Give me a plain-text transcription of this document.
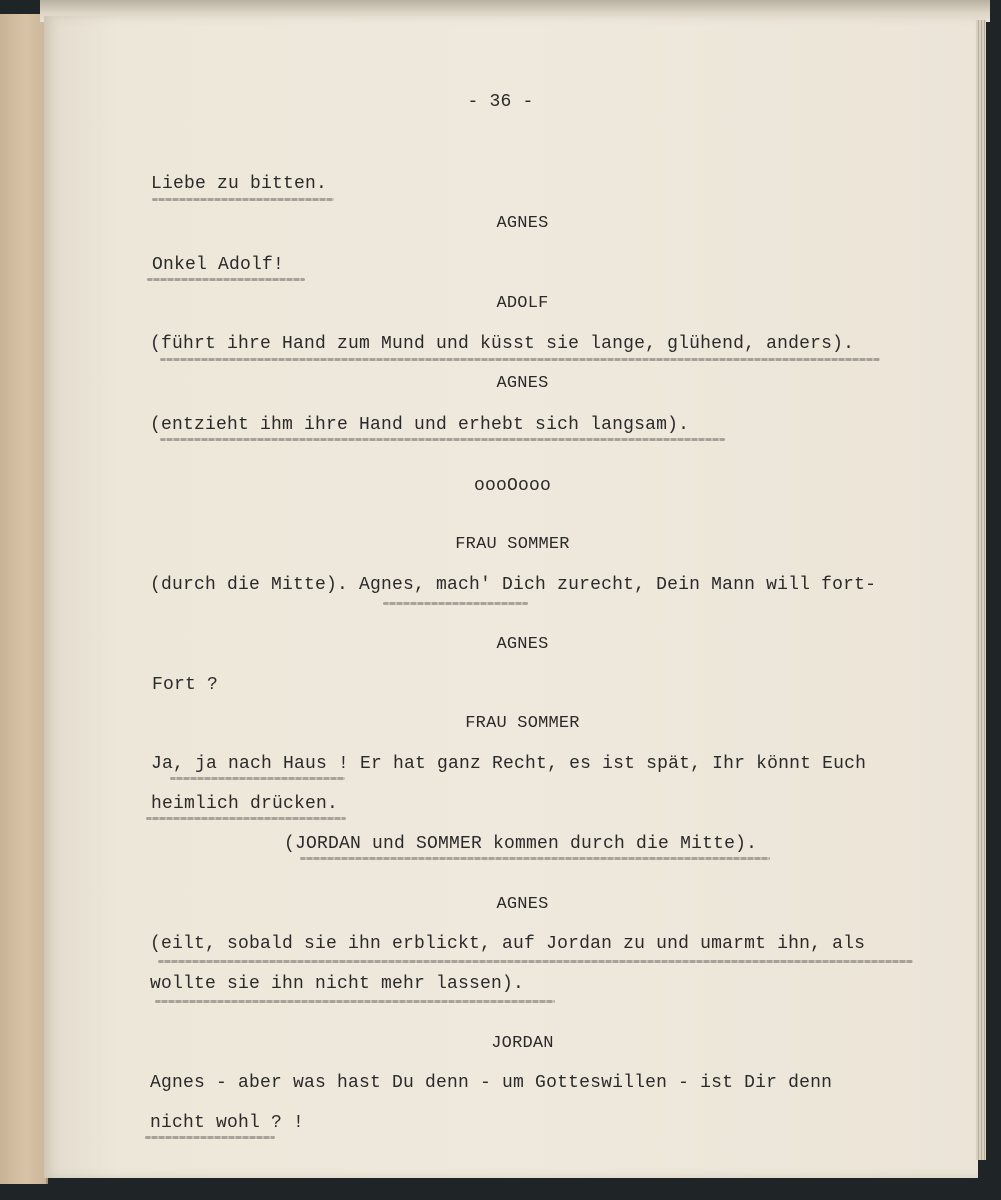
- 36 -
Liebe zu bitten.
AGNES
Onkel Adolf!
ADOLF
(führt ihre Hand zum Mund und küsst sie lange, glühend, anders).
AGNES
(entzieht ihm ihre Hand und erhebt sich langsam).
oooOooo
FRAU SOMMER
(durch die Mitte). Agnes, mach' Dich zurecht, Dein Mann will fort-
AGNES
Fort ?
FRAU SOMMER
Ja, ja nach Haus ! Er hat ganz Recht, es ist spät, Ihr könnt Euch
heimlich drücken.
(JORDAN und SOMMER kommen durch die Mitte).
AGNES
(eilt, sobald sie ihn erblickt, auf Jordan zu und umarmt ihn, als
wollte sie ihn nicht mehr lassen).
JORDAN
Agnes - aber was hast Du denn - um Gotteswillen - ist Dir denn
nicht wohl ? !
